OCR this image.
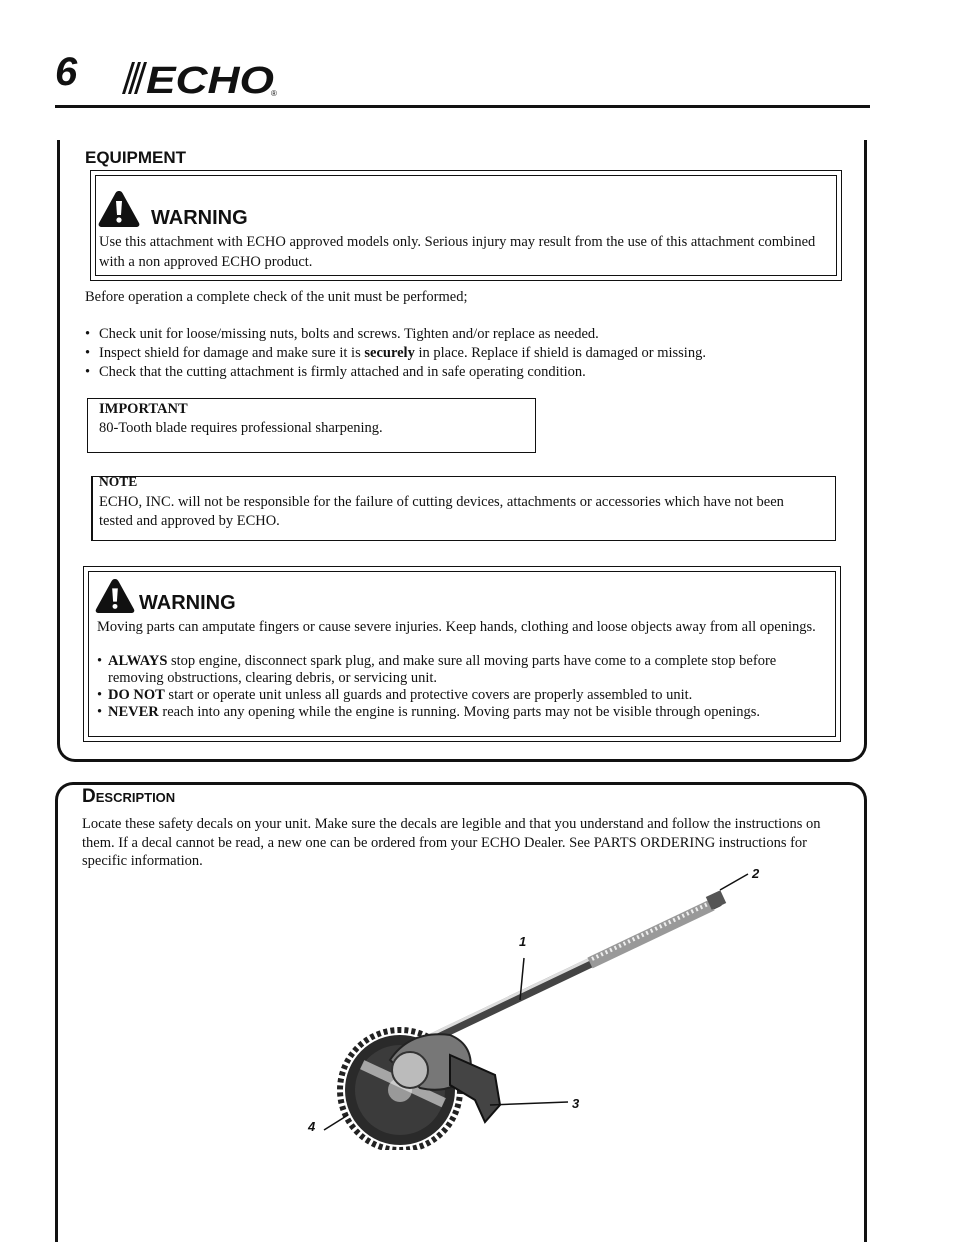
6 ECHO
®
EQUIPMENT
WARNING
Use this attachment with ECHO approved models only. Serious injury may result from the use of this attachment combined with a non approved ECHO product.
Before operation a complete check of the unit must be performed;
• Check unit for loose/missing nuts, bolts and screws. Tighten and/or replace as needed.
• Inspect shield for damage and make sure it is securely in place. Replace if shield is damaged or missing.
• Check that the cutting attachment is firmly attached and in safe operating condition.
IMPORTANT
80-Tooth blade requires professional sharpening.
NOTE
ECHO, INC. will not be responsible for the failure of cutting devices, attachments or accessories which have not been tested and approved by ECHO.
WARNING
Moving parts can amputate fingers or cause severe injuries. Keep hands, clothing and loose objects away from all openings.
• ALWAYS stop engine, disconnect spark plug, and make sure all moving parts have come to a complete stop before removing obstructions, clearing debris, or servicing unit.
• DO NOT start or operate unit unless all guards and protective covers are properly assembled to unit.
• NEVER reach into any opening while the engine is running. Moving parts may not be visible through openings.
Description
Locate these safety decals on your unit. Make sure the decals are legible and that you understand and follow the instructions on them. If a decal cannot be read, a new one can be ordered from your ECHO Dealer. See PARTS ORDERING instructions for specific information.
1
2
3
4
